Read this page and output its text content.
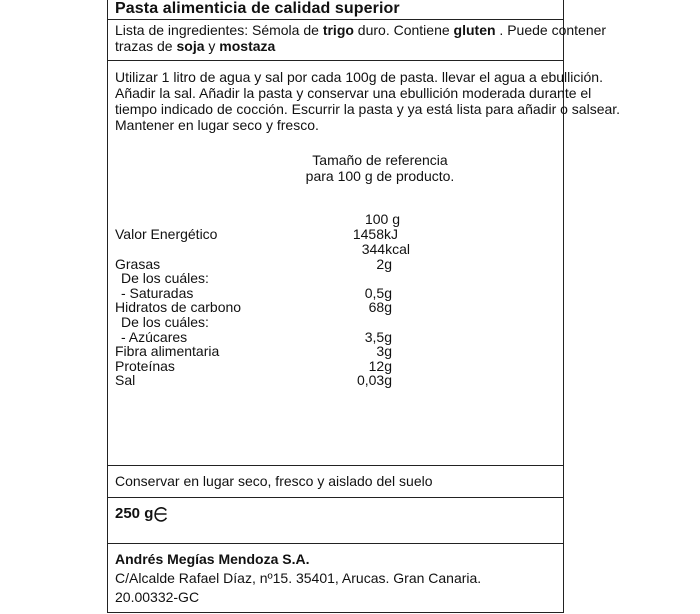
Pasta alimenticia de calidad superior
Lista de ingredientes: Sémola de trigo duro. Contiene gluten . Puede contener
trazas de soja y mostaza
Utilizar 1 litro de agua y sal por cada 100g de pasta. llevar el agua a ebullición.
Añadir la sal. Añadir la pasta y conservar una ebullición moderada durante el
tiempo indicado de cocción. Escurrir la pasta y ya está lista para añadir o salsear.
Mantener en lugar seco y fresco.
Tamaño de referencia
para 100 g de producto.
100 g
Valor Energético	1458kJ
344kcal
Grasas	2g
De los cuáles:
- Saturadas	0,5g
Hidratos de carbono	68g
De los cuáles:
- Azúcares	3,5g
Fibra alimentaria	3g
Proteínas	12g
Sal	0,03g
Conservar en lugar seco, fresco y aislado del suelo
250 g
Andrés Megías Mendoza S.A.
C/Alcalde Rafael Díaz, nº15. 35401, Arucas. Gran Canaria.
20.00332-GC
